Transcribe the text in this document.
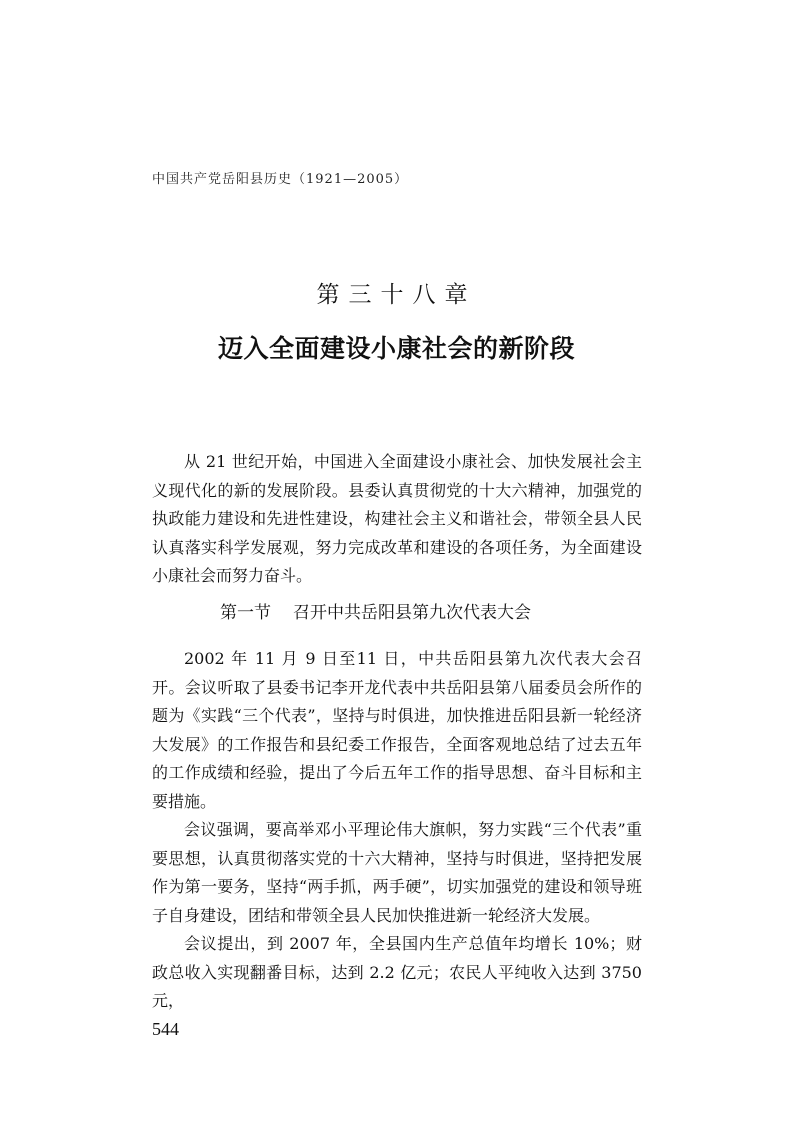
中国共产党岳阳县历史（1921—2005）
第三十八章
迈入全面建设小康社会的新阶段

从 21 世纪开始，中国进入全面建设小康社会、加快发展社会主义现代化的新的发展阶段。县委认真贯彻党的十大六精神，加强党的执政能力建设和先进性建设，构建社会主义和谐社会，带领全县人民认真落实科学发展观，努力完成改革和建设的各项任务，为全面建设小康社会而努力奋斗。

第一节 召开中共岳阳县第九次代表大会

2002 年 11 月 9 日至11 日，中共岳阳县第九次代表大会召开。会议听取了县委书记李开龙代表中共岳阳县第八届委员会所作的题为《实践“三个代表”，坚持与时俱进，加快推进岳阳县新一轮经济大发展》的工作报告和县纪委工作报告，全面客观地总结了过去五年的工作成绩和经验，提出了今后五年工作的指导思想、奋斗目标和主要措施。

会议强调，要高举邓小平理论伟大旗帜，努力实践“三个代表”重要思想，认真贯彻落实党的十六大精神，坚持与时俱进，坚持把发展作为第一要务，坚持“两手抓，两手硬”，切实加强党的建设和领导班子自身建设，团结和带领全县人民加快推进新一轮经济大发展。

会议提出，到 2007 年，全县国内生产总值年均增长 10%；财政总收入实现翻番目标，达到 2.2 亿元；农民人平纯收入达到 3750 元，

544
